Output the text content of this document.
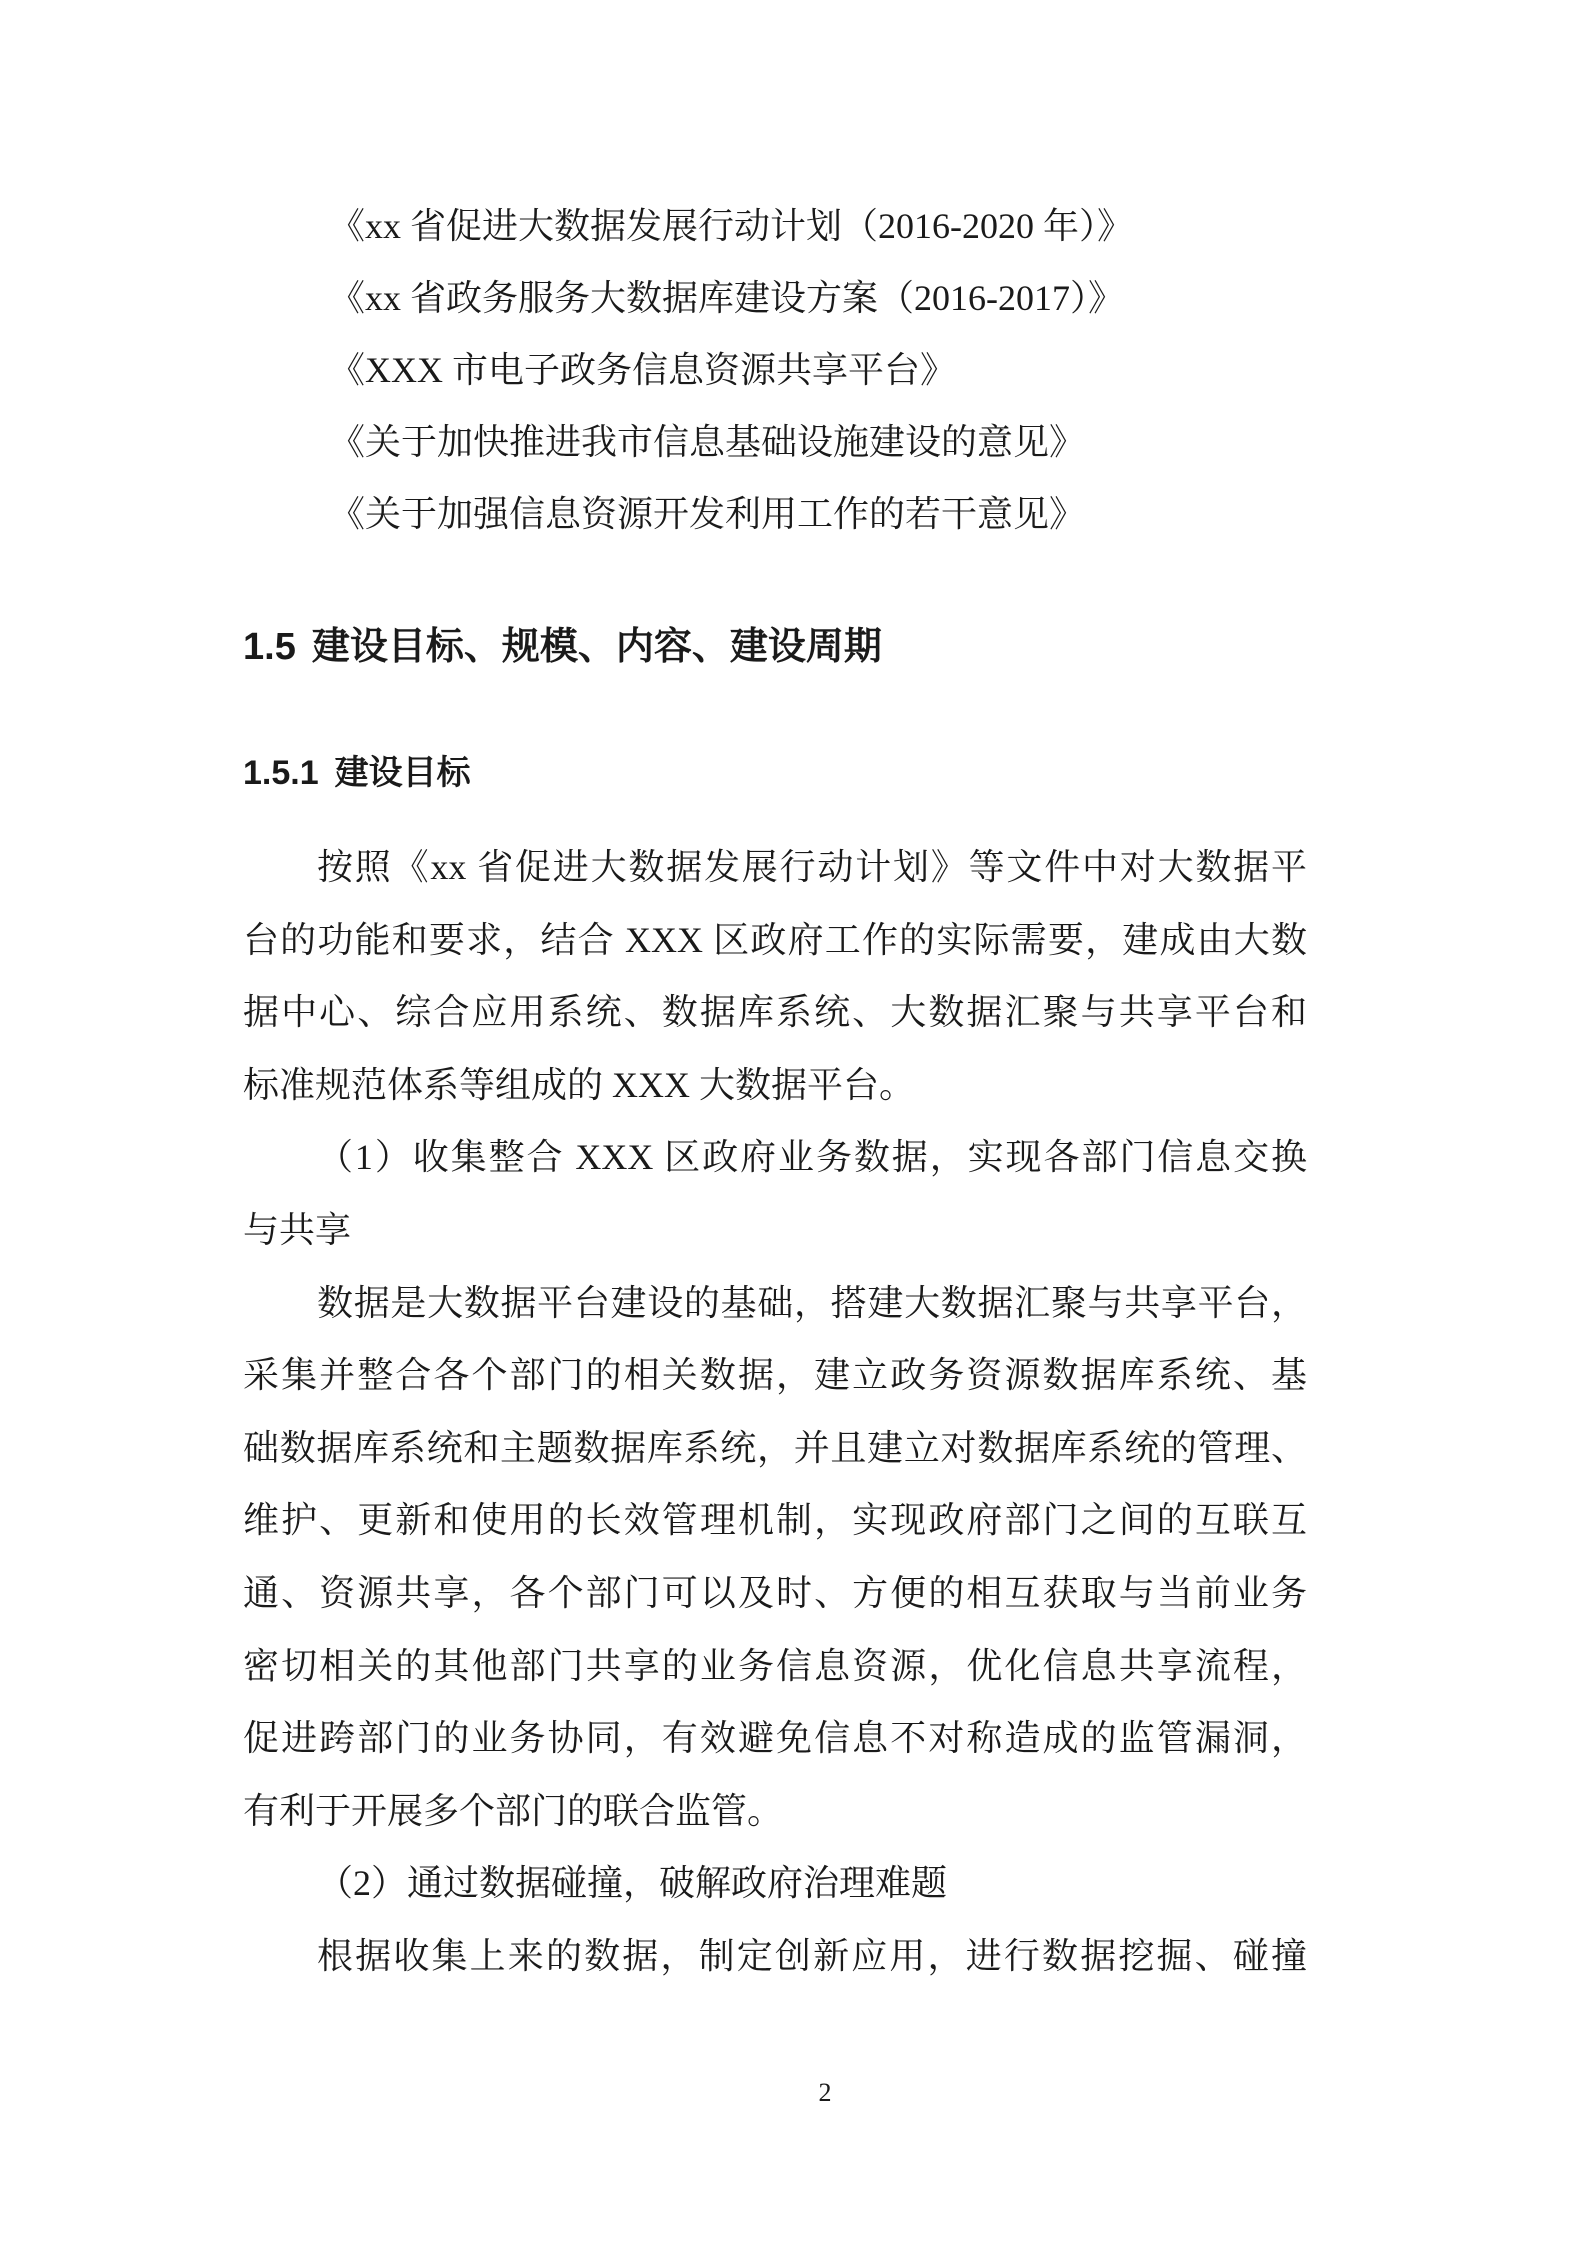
《xx 省促进大数据发展行动计划（2016-2020 年）》
《xx 省政务服务大数据库建设方案（2016-2017）》
《XXX 市电子政务信息资源共享平台》
《关于加快推进我市信息基础设施建设的意见》
《关于加强信息资源开发利用工作的若干意见》
1.5 建设目标、规模、内容、建设周期
1.5.1 建设目标
按照《xx 省促进大数据发展行动计划》等文件中对大数据平
台的功能和要求，结合 XXX 区政府工作的实际需要，建成由大数
据中心、综合应用系统、数据库系统、大数据汇聚与共享平台和
标准规范体系等组成的 XXX 大数据平台。
（1）收集整合 XXX 区政府业务数据，实现各部门信息交换
与共享
数据是大数据平台建设的基础，搭建大数据汇聚与共享平台，
采集并整合各个部门的相关数据，建立政务资源数据库系统、基
础数据库系统和主题数据库系统，并且建立对数据库系统的管理、
维护、更新和使用的长效管理机制，实现政府部门之间的互联互
通、资源共享，各个部门可以及时、方便的相互获取与当前业务
密切相关的其他部门共享的业务信息资源，优化信息共享流程，
促进跨部门的业务协同，有效避免信息不对称造成的监管漏洞，
有利于开展多个部门的联合监管。
（2）通过数据碰撞，破解政府治理难题
根据收集上来的数据，制定创新应用，进行数据挖掘、碰撞
2
